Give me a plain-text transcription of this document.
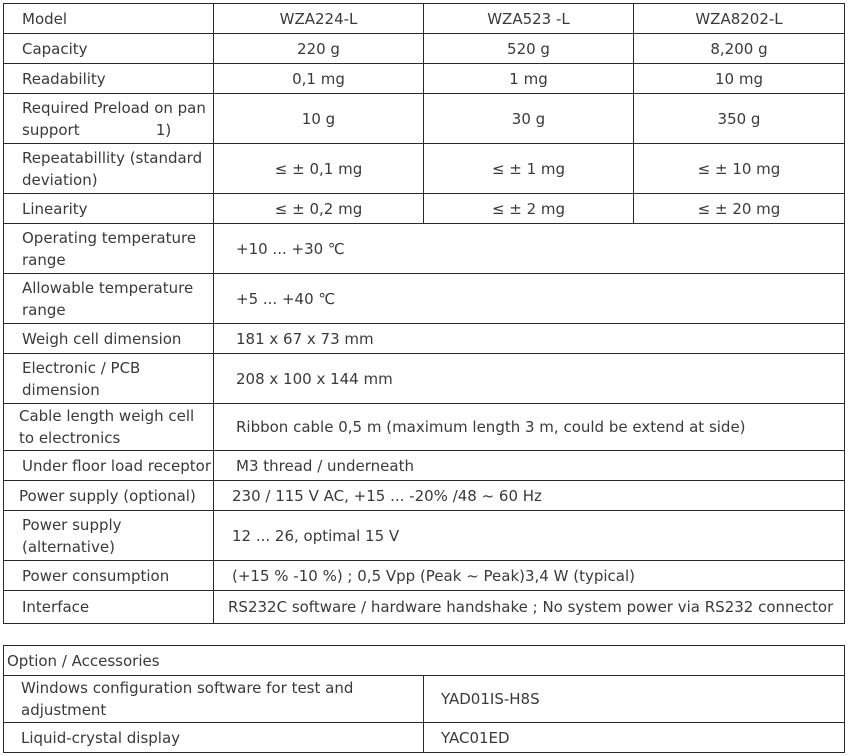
Model	WZA224-L	WZA523 -L	WZA8202-L
Capacity	220 g	520 g	8,200 g
Readability	0,1 mg	1 mg	10 mg
Required Preload on pan support                1)	10 g	30 g	350 g
Repeatabillity (standard deviation)	≤ ± 0,1 mg	≤ ± 1 mg	≤ ± 10 mg
Linearity	≤ ± 0,2 mg	≤ ± 2 mg	≤ ± 20 mg
Operating temperature range	+10 ... +30 ℃		
Allowable temperature range	+5 ... +40 ℃		
Weigh cell dimension	181 x 67 x 73 mm		
Electronic / PCB dimension	208 x 100 x 144 mm		
Cable length weigh cell to electronics	Ribbon cable 0,5 m (maximum length 3 m, could be extend at side)		
Under floor load receptor	M3 thread / underneath		
Power supply (optional)	230 / 115 V AC, +15 ... -20% /48 ~ 60 Hz		
Power supply (alternative)	12 ... 26, optimal 15 V		
Power consumption	(+15 % -10 %) ; 0,5 Vpp (Peak ~ Peak)3,4 W (typical)		
Interface	RS232C software / hardware handshake ; No system power via RS232 connector		
Option / Accessories	
Windows configuration software for test and adjustment	YAD01IS-H8S
Liquid-crystal display	YAC01ED
